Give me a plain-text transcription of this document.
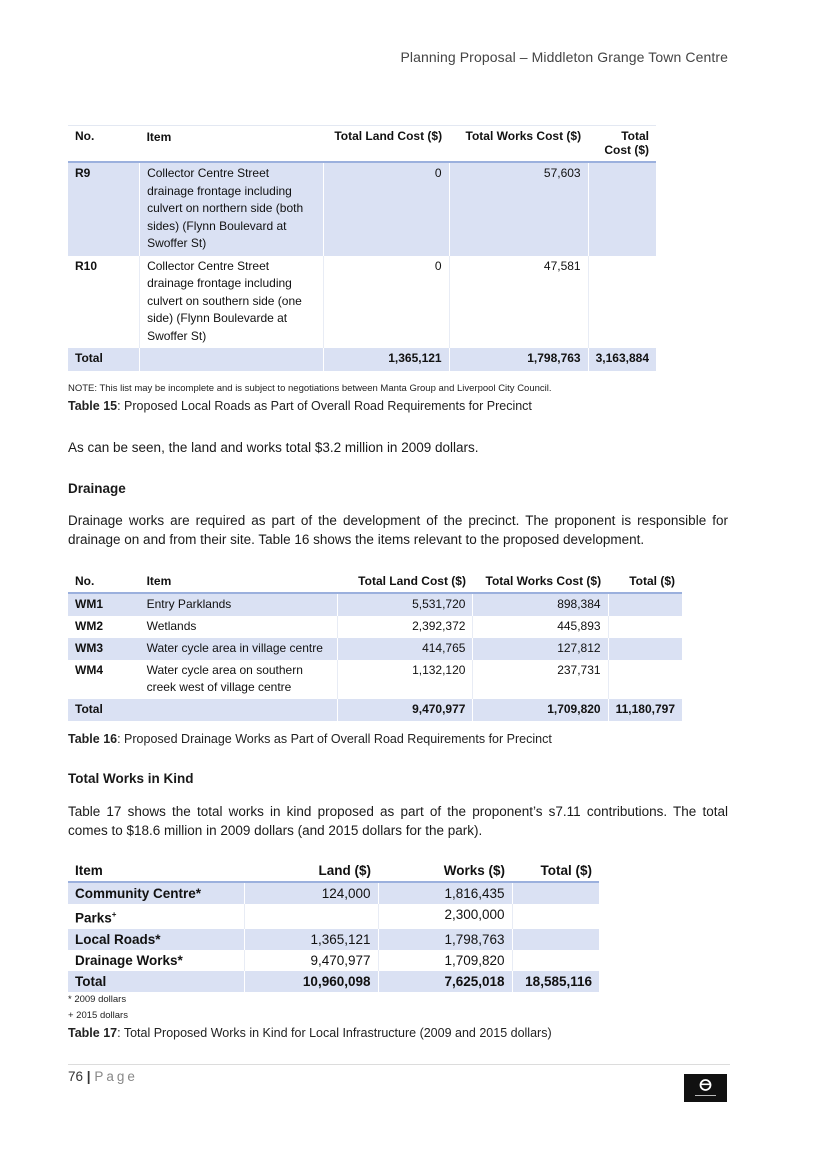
Planning Proposal – Middleton Grange Town Centre
No.	Item	Total Land Cost ($)	Total Works Cost ($)	Total Cost ($)
R9	Collector Centre Street drainage frontage including culvert on northern side (both sides) (Flynn Boulevard at Swoffer St)	0	57,603	
R10	Collector Centre Street drainage frontage including culvert on southern side (one side) (Flynn Boulevarde at Swoffer St)	0	47,581	
Total		1,365,121	1,798,763	3,163,884
NOTE: This list may be incomplete and is subject to negotiations between Manta Group and Liverpool City Council.
Table 15: Proposed Local Roads as Part of Overall Road Requirements for Precinct
As can be seen, the land and works total $3.2 million in 2009 dollars.
Drainage
Drainage works are required as part of the development of the precinct. The proponent is responsible for drainage on and from their site. Table 16 shows the items relevant to the proposed development.
No.	Item	Total Land Cost ($)	Total Works Cost ($)	Total ($)
WM1	Entry Parklands	5,531,720	898,384	
WM2	Wetlands	2,392,372	445,893	
WM3	Water cycle area in village centre	414,765	127,812	
WM4	Water cycle area on southern creek west of village centre	1,132,120	237,731	
Total		9,470,977	1,709,820	11,180,797
Table 16: Proposed Drainage Works as Part of Overall Road Requirements for Precinct
Total Works in Kind
Table 17 shows the total works in kind proposed as part of the proponent’s s7.11 contributions. The total comes to $18.6 million in 2009 dollars (and 2015 dollars for the park).
Item	Land ($)	Works ($)	Total ($)
Community Centre*	124,000	1,816,435	
Parks+		2,300,000	
Local Roads*	1,365,121	1,798,763	
Drainage Works*	9,470,977	1,709,820	
Total	10,960,098	7,625,018	18,585,116
* 2009 dollars
+ 2015 dollars
Table 17: Total Proposed Works in Kind for Local Infrastructure (2009 and 2015 dollars)
76 | Page
